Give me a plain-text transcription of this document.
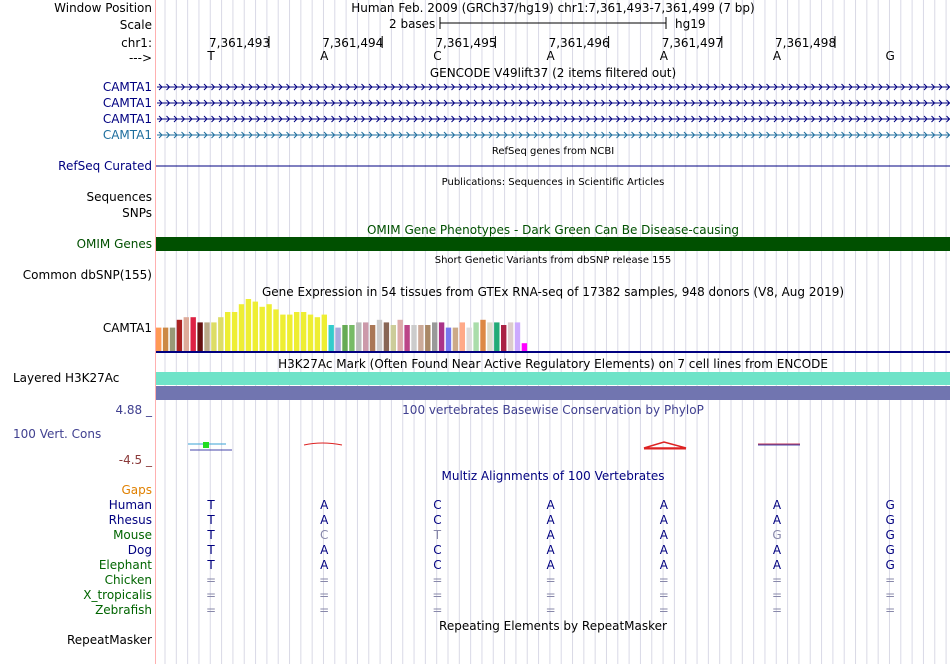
Window Position	Human Feb. 2009 (GRCh37/hg19) chr1:7,361,493-7,361,499 (7 bp)
Scale	2 bases	hg19
chr1:	7,361,493	7,361,494	7,361,495	7,361,496	7,361,497	7,361,498
--->	T	A	C	A	A	A	G
GENCODE V49lift37 (2 items filtered out)
CAMTA1
CAMTA1
CAMTA1
CAMTA1
RefSeq genes from NCBI
RefSeq Curated
Publications: Sequences in Scientific Articles
Sequences
SNPs
OMIM Gene Phenotypes - Dark Green Can Be Disease-causing
OMIM Genes
Short Genetic Variants from dbSNP release 155
Common dbSNP(155)
Gene Expression in 54 tissues from GTEx RNA-seq of 17382 samples, 948 donors (V8, Aug 2019)
CAMTA1
H3K27Ac Mark (Often Found Near Active Regulatory Elements) on 7 cell lines from ENCODE
Layered H3K27Ac
4.88 _	100 vertebrates Basewise Conservation by PhyloP
100 Vert. Cons
-4.5 _
Multiz Alignments of 100 Vertebrates
Gaps
Human	T	A	C	A	A	A	G
Rhesus	T	A	C	A	A	A	G
Mouse	T	C	T	A	A	G	G
Dog	T	A	C	A	A	A	G
Elephant	T	A	C	A	A	A	G
Chicken	=	=	=	=	=	=	=
X_tropicalis	=	=	=	=	=	=	=
Zebrafish	=	=	=	=	=	=	=
Repeating Elements by RepeatMasker
RepeatMasker
